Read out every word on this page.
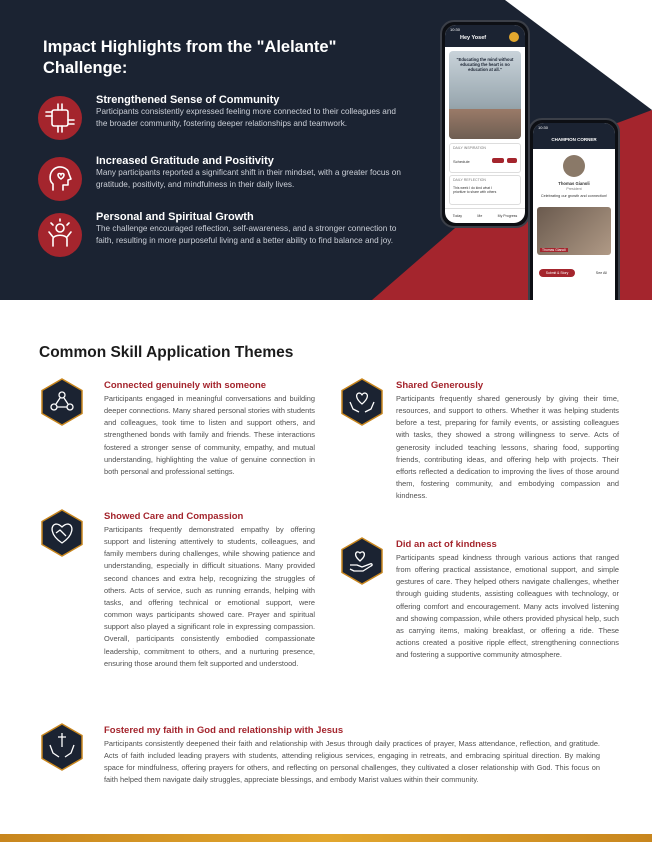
Impact Highlights from the "Alelante" Challenge:
Strengthened Sense of Community

Participants consistently expressed feeling more connected to their colleagues and the broader community, fostering deeper relationships and teamwork.

Increased Gratitude and Positivity

Many participants reported a significant shift in their mindset, with a greater focus on gratitude, positivity, and mindfulness in their daily lives.

Personal and Spiritual Growth

The challenge encouraged reflection, self-awareness, and a stronger connection to faith, resulting in more purposeful living and a better ability to find balance and joy.

10:30
Hey Yosef
"Educating the mind without educating the heart is no education at all."
DAILY INSPIRATION
Schedule
DAILY REFLECTION
This week I do kind what I prioritize to share with others
Today	Me	My Progress
10:30
CHAMPION CORNER
Thomas Gianoli
President
Celebrating our growth and connection!
Thomas Gianoli
Submit & Story	See All
Common Skill Application Themes
Connected genuinely with someone

Participants engaged in meaningful conversations and building deeper connections. Many shared personal stories with students and colleagues, took time to listen and support others, and strengthened bonds with family and friends. These interactions fostered a stronger sense of community, empathy, and mutual understanding, highlighting the value of genuine connection in both personal and professional settings.

Shared Generously

Participants frequently shared generously by giving their time, resources, and support to others. Whether it was helping students before a test, preparing for family events, or assisting colleagues with tasks, they showed a strong willingness to serve. Acts of generosity included teaching lessons, sharing food, supporting friends, contributing ideas, and offering help with projects. Their efforts reflected a dedication to improving the lives of those around them, fostering community, and embodying compassion and kindness.

Showed Care and Compassion

Participants frequently demonstrated empathy by offering support and listening attentively to students, colleagues, and family members during challenges, while showing patience and understanding, especially in difficult situations. Many provided second chances and extra help, recognizing the struggles of others. Acts of service, such as running errands, helping with tasks, and offering technical or emotional support, were common ways participants showed care. Prayer and spiritual support also played a significant role in expressing compassion. Overall, participants consistently embodied compassionate leadership, commitment to others, and a nurturing presence, ensuring those around them felt supported and understood.

Did an act of kindness

Participants spead kindness through various actions that ranged from offering practical assistance, emotional support, and simple gestures of care. They helped others navigate challenges, whether through guiding students, assisting colleagues with technology, or offering comfort and encouragement. Many acts involved listening and showing compassion, while others provided physical help, such as carrying items, making breakfast, or offering a ride. These actions created a positive ripple effect, strengthening connections and fostering a supportive community atmosphere.

Fostered my faith in God and relationship with Jesus

Participants consistently deepened their faith and relationship with Jesus through daily practices of prayer, Mass attendance, reflection, and gratitude. Acts of faith included leading prayers with students, attending religious services, engaging in retreats, and embracing spiritual direction. By making space for mindfulness, offering prayers for others, and reflecting on personal challenges, they cultivated a closer relationship with God. This focus on faith helped them navigate daily struggles, appreciate blessings, and embody Marist values within their community.
